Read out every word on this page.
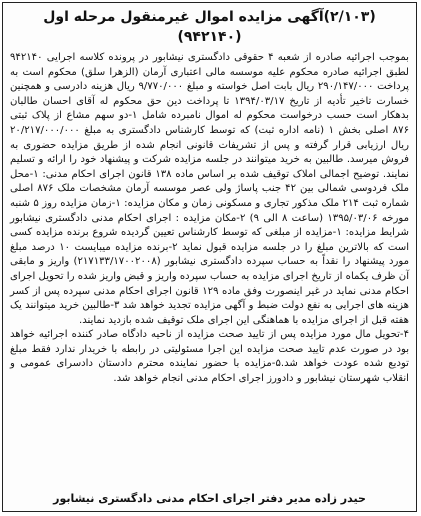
(۲/۱۰۳)آگهی مزایده اموال غیرمنقول مرحله اول (۹۴۲۱۴۰)

بموجب اجرائیه صادره از شعبه ۴ حقوقی دادگستری نیشابور در پرونده کلاسه اجرایی ۹۴۲۱۴۰ لطبق اجرائیه صادره محکوم علیه موسسه مالی اعتباری آرمان (الزهرا سلق) محکوم است به پرداخت ۲۹۰/۱۴۷/۰۰۰ ریال بابت اصل خواسته و مبلغ ۹/۷۷۰/۰۰۰ ریال هزینه دادرسی و همچنین خسارت تاخیر تأدیه از تاریخ ۱۳۹۴/۰۳/۱۷ تا پرداخت دین حق محکوم له آقای احسان طالبان بدهکار است حسب درخواست محکوم له اموال نامبرده شامل ۱-دو سهم مشاع از پلاک ثبتی ۸۷۶ اصلی بخش ۱ (نامه اداره ثبت) که توسط کارشناس دادگستری به مبلغ ۲۰/۲۱۷/۰۰۰/۰۰۰ ریال ارزیابی قرار گرفته و پس از تشریفات قانونی انجام شده از طریق مزایده حضوری به فروش میرسد. طالبین به خرید میتوانند در جلسه مزایده شرکت و پیشنهاد خود را ارائه و تسلیم نمایند. توضیح اجمالی املاک توقیف شده بر اساس ماده ۱۳۸ قانون اجرای احکام مدنی: ۱-محل ملک فردوسی شمالی بین ۴۲ جنب پاساژ ولی عصر موسسه آرمان مشخصات ملک ۸۷۶ اصلی شماره ثبت ۲۱۴ ملک مذکور تجاری و مسکونی زمان و مکان مزایده: ۱-زمان مزایده روز ۵ شنبه مورخه ۱۳۹۵/۰۳/۰۶ (ساعت ۸ الی ۹) ۲-مکان مزایده : اجرای احکام مدنی دادگستری نیشابور شرایط مزایده: ۱-مزایده از مبلغی که توسط کارشناس تعیین گردیده شروع برنده مزایده کسی است که بالاترین مبلغ را در جلسه مزایده قبول نماید ۲-برنده مزایده میبایست ۱۰ درصد مبلغ مورد پیشنهاد را نقداً به حساب سپرده دادگستری نیشابور (۲۱۷۱۳۳/۱۷۰۰۲۰۰۸) واریز و مابقی آن ظرف یکماه از تاریخ اجرای مزایده به حساب سپرده واریز و قبض واریز شده را تحویل اجرای احکام مدنی نماید در غیر اینصورت وفق ماده ۱۲۹ قانون اجرای احکام مدنی سپرده پس از کسر هزینه های اجرایی به نفع دولت ضبط و آگهی مزایده تجدید خواهد شد ۳-طالبین خرید میتوانند یک هفته قبل از اجرای مزایده با هماهنگی این اجرای ملک توقیف شده بازدید نمایند.

۴-تحویل مال مورد مزایده پس از تایید صحت مزایده از ناحیه دادگاه صادر کننده اجرائیه خواهد بود در صورت عدم تایید صحت مزایده این اجرا مسئولیتی در رابطه با خریدار ندارد فقط مبلغ تودیع شده عودت خواهد شد.۵-مزایده با حضور نماینده محترم دادستان دادسرای عمومی و انقلاب شهرستان نیشابور و دادورز اجرای احکام مدنی انجام خواهد شد.

حیدر زاده مدیر دفتر اجرای احکام مدنی دادگستری نیشابور
